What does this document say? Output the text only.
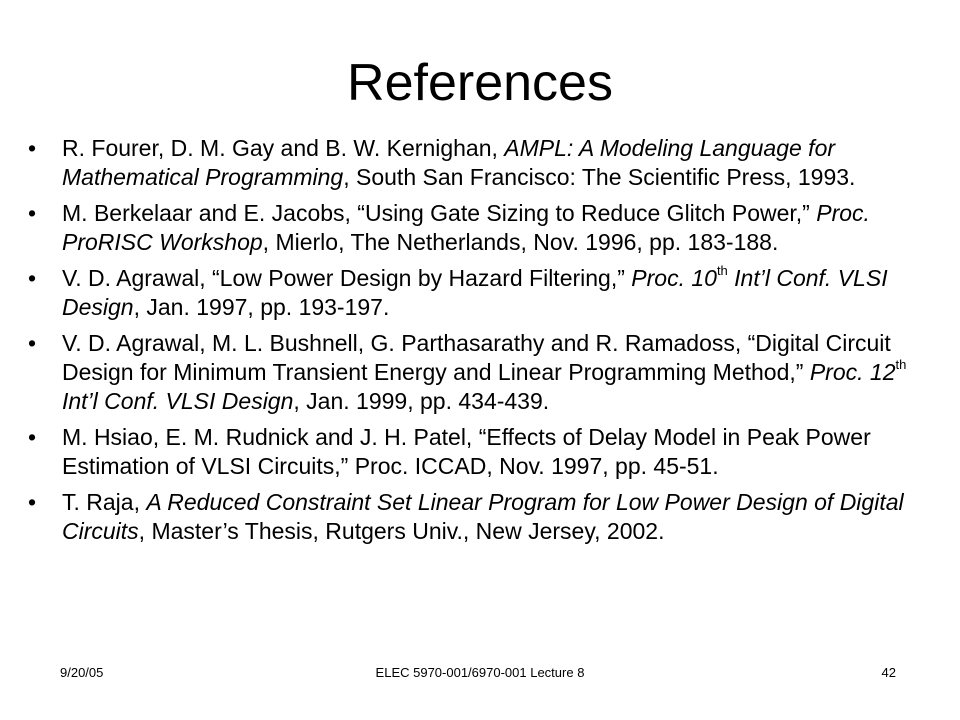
References
• R. Fourer, D. M. Gay and B. W. Kernighan, AMPL: A Modeling Language for Mathematical Programming, South San Francisco: The Scientific Press, 1993.
• M. Berkelaar and E. Jacobs, “Using Gate Sizing to Reduce Glitch Power,” Proc. ProRISC Workshop, Mierlo, The Netherlands, Nov. 1996, pp. 183-188.
• V. D. Agrawal, “Low Power Design by Hazard Filtering,” Proc. 10th Int’l Conf. VLSI Design, Jan. 1997, pp. 193-197.
• V. D. Agrawal, M. L. Bushnell, G. Parthasarathy and R. Ramadoss, “Digital Circuit Design for Minimum Transient Energy and Linear Programming Method,” Proc. 12th Int’l Conf. VLSI Design, Jan. 1999, pp. 434-439.
• M. Hsiao, E. M. Rudnick and J. H. Patel, “Effects of Delay Model in Peak Power Estimation of VLSI Circuits,” Proc. ICCAD, Nov. 1997, pp. 45-51.
• T. Raja, A Reduced Constraint Set Linear Program for Low Power Design of Digital Circuits, Master’s Thesis, Rutgers Univ., New Jersey, 2002.
9/20/05	ELEC 5970-001/6970-001 Lecture 8	42
